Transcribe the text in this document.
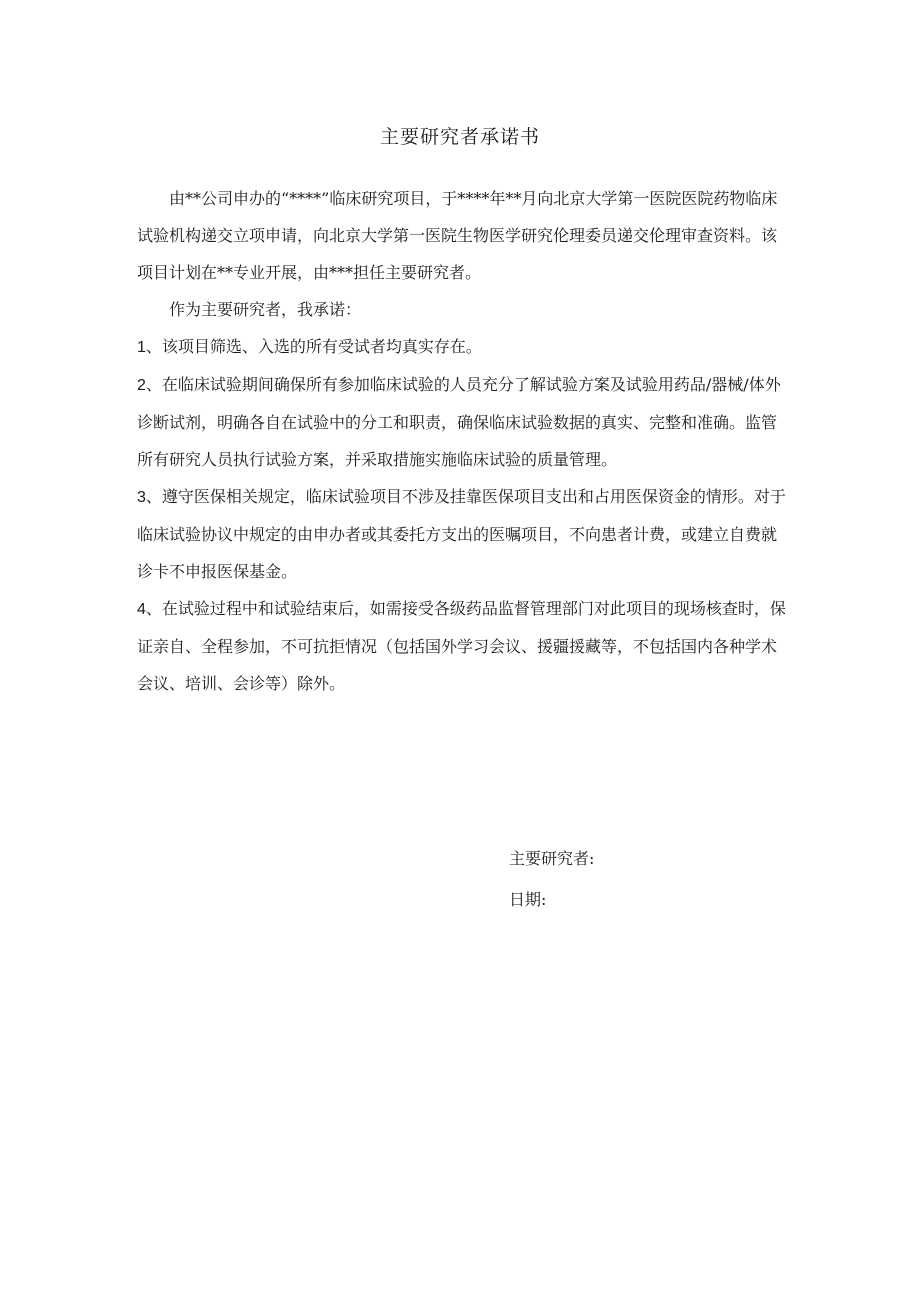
主要研究者承诺书

由**公司申办的“****”临床研究项目，于****年**月向北京大学第一医院医院药物临床试验机构递交立项申请，向北京大学第一医院生物医学研究伦理委员递交伦理审查资料。该项目计划在**专业开展，由***担任主要研究者。

作为主要研究者，我承诺：

1、该项目筛选、入选的所有受试者均真实存在。

2、在临床试验期间确保所有参加临床试验的人员充分了解试验方案及试验用药品/器械/体外诊断试剂，明确各自在试验中的分工和职责，确保临床试验数据的真实、完整和准确。监管所有研究人员执行试验方案，并采取措施实施临床试验的质量管理。

3、遵守医保相关规定，临床试验项目不涉及挂靠医保项目支出和占用医保资金的情形。对于临床试验协议中规定的由申办者或其委托方支出的医嘱项目，不向患者计费，或建立自费就诊卡不申报医保基金。

4、在试验过程中和试验结束后，如需接受各级药品监督管理部门对此项目的现场核查时，保证亲自、全程参加，不可抗拒情况（包括国外学习会议、援疆援藏等，不包括国内各种学术会议、培训、会诊等）除外。

主要研究者:
日期:
